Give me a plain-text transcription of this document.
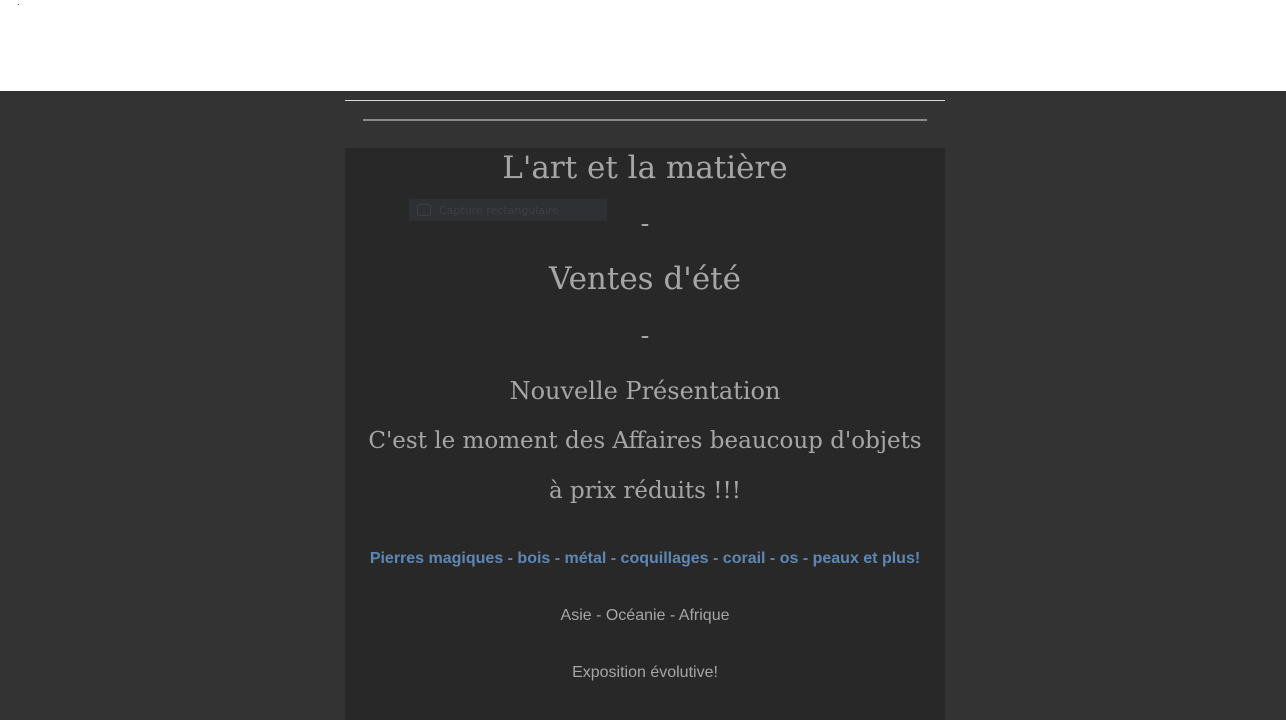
.
Capture rectangulaire
L'art et la matière
-
Ventes d'été
-
Nouvelle Présentation
C'est le moment des Affaires beaucoup d'objets à prix réduits !!!
Pierres magiques - bois - métal - coquillages - corail - os - peaux et plus!
Asie - Océanie - Afrique
Exposition évolutive!
